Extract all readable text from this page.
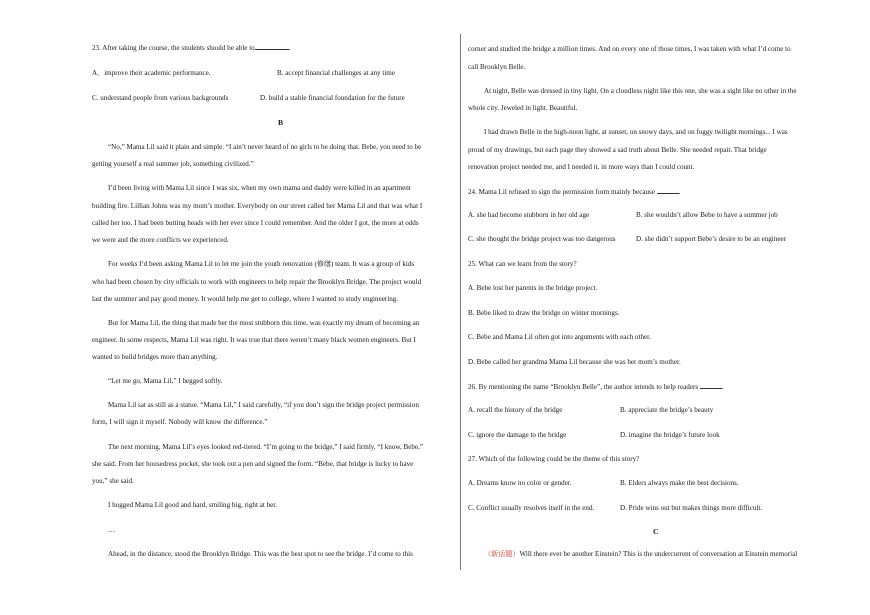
23. After taking the course, the students should be able to	.
A．improve their academic performance.	B. accept financial challenges at any time
C. understand people from various backgrounds	D. build a stable financial foundation for the future
B
“No,” Mama Lil said it plain and simple. “I ain’t never heard of no girls to be doing that. Bebe, you need to be
getting yourself a real summer job, something civilized.”
I’d been living with Mama Lil since I was six, when my own mama and daddy were killed in an apartment
building fire. Lillian Johns was my mom’s mother. Everybody on our street called her Mama Lil and that was what I
called her too. I had been butting heads with her ever since I could remember. And the older I got, the more at odds
we were and the more conflicts we experienced.
For weeks I’d been asking Mama Lil to let me join the youth renovation (修缮) team. It was a group of kids
who had been chosen by city officials to work with engineers to help repair the Brooklyn Bridge. The project would
last the summer and pay good money. It would help me get to college, where I wanted to study engineering.
But for Mama Lil, the thing that made her the most stubborn this time, was exactly my dream of becoming an
engineer. In some respects, Mama Lil was right. It was true that there weren’t many black women engineers. But I
wanted to build bridges more than anything.
“Let me go, Mama Lil,” I begged softly.
Mama Lil sat as still as a statue. “Mama Lil,” I said carefully, “if you don’t sign the bridge project permission
form, I will sign it myself. Nobody will know the difference.”
The next morning, Mama Lil’s eyes looked red-tiered. “I’m going to the bridge,” I said firmly. “I know, Bebe,”
she said. From her housedress pocket, she took out a pen and signed the form. “Bebe, that bridge is lucky to have
you,” she said.
I hugged Mama Lil good and hard, smiling big, right at her.
…
Ahead, in the distance, stood the Brooklyn Bridge. This was the best spot to see the bridge. I’d come to this
corner and studied the bridge a million times. And on every one of those times, I was taken with what I’d come to
call Brooklyn Belle.
At night, Belle was dressed in tiny light. On a cloudless night like this one, she was a sight like no other in the
whole city. Jeweled in light. Beautiful.
I had drawn Belle in the high-noon light, at sunset, on snowy days, and on foggy twilight mornings... I was
proud of my drawings, but each page they showed a sad truth about Belle. She needed repair. That bridge
renovation project needed me, and I needed it, in more ways than I could count.
24. Mama Lil refused to sign the permission form mainly because	.
A. she had become stubborn in her old age	B. she wouldn’t allow Bebe to have a summer job
C. she thought the bridge project was too dangerous	D. she didn’t support Bebe’s desire to be an engineer
25. What can we learn from the story?
A. Bebe lost her parents in the bridge project.
B. Bebe liked to draw the bridge on winter mornings.
C. Bebe and Mama Lil often got into arguments with each other.
D. Bebe called her grandma Mama Lil because she was her mom’s mother.
26. By mentioning the name “Brooklyn Belle”, the author intends to help readers	.
A. recall the history of the bridge	B. appreciate the bridge’s beauty
C. ignore the damage to the bridge	D. imagine the bridge’s future look
27. Which of the following could be the theme of this story?
A. Dreams know no color or gender.	B. Elders always make the best decisions.
C. Conflict usually resolves itself in the end.	D. Pride wins out but makes things more difficult.
C
（新话题）Will there ever be another Einstein? This is the undercurrent of conversation at Einstein memorial
